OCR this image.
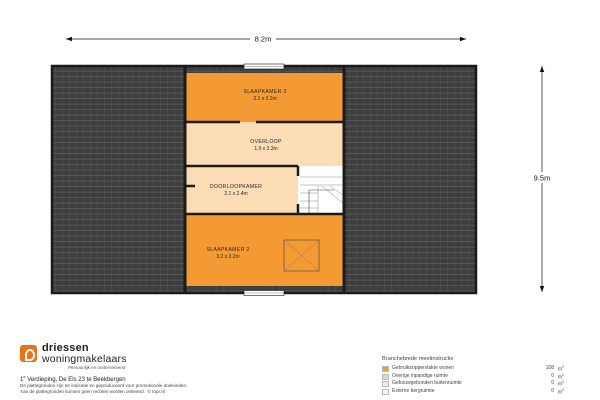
8.2m
9.5m
SLAAPKAMER 3
2.1 x 3.2m
OVERLOOP
1.9 x 3.3m
DOORLOOPKAMER
2.1 x 2.4m
SLAAPKAMER 2
3.2 x 3.2m
driessen
woningmakelaars
Persoonlijk en ondernemend
1e Verdieping, De Els 23 te Beekbergen
De plattegronden zijn ter indicatie en geproduceerd voor promotionele doeleinden.
Aan de plattegronden kunnen geen rechten worden ontleend. © topr.nl
Branchebrede meetinstructie
Gebruiksoppervlakte wonen	108 $m^2$
Overige inpandige ruimte	0 $m^2$
Gebouwgebonden buitenruimte	0 $m^2$
Externe bergruimte	0 $m^2$
